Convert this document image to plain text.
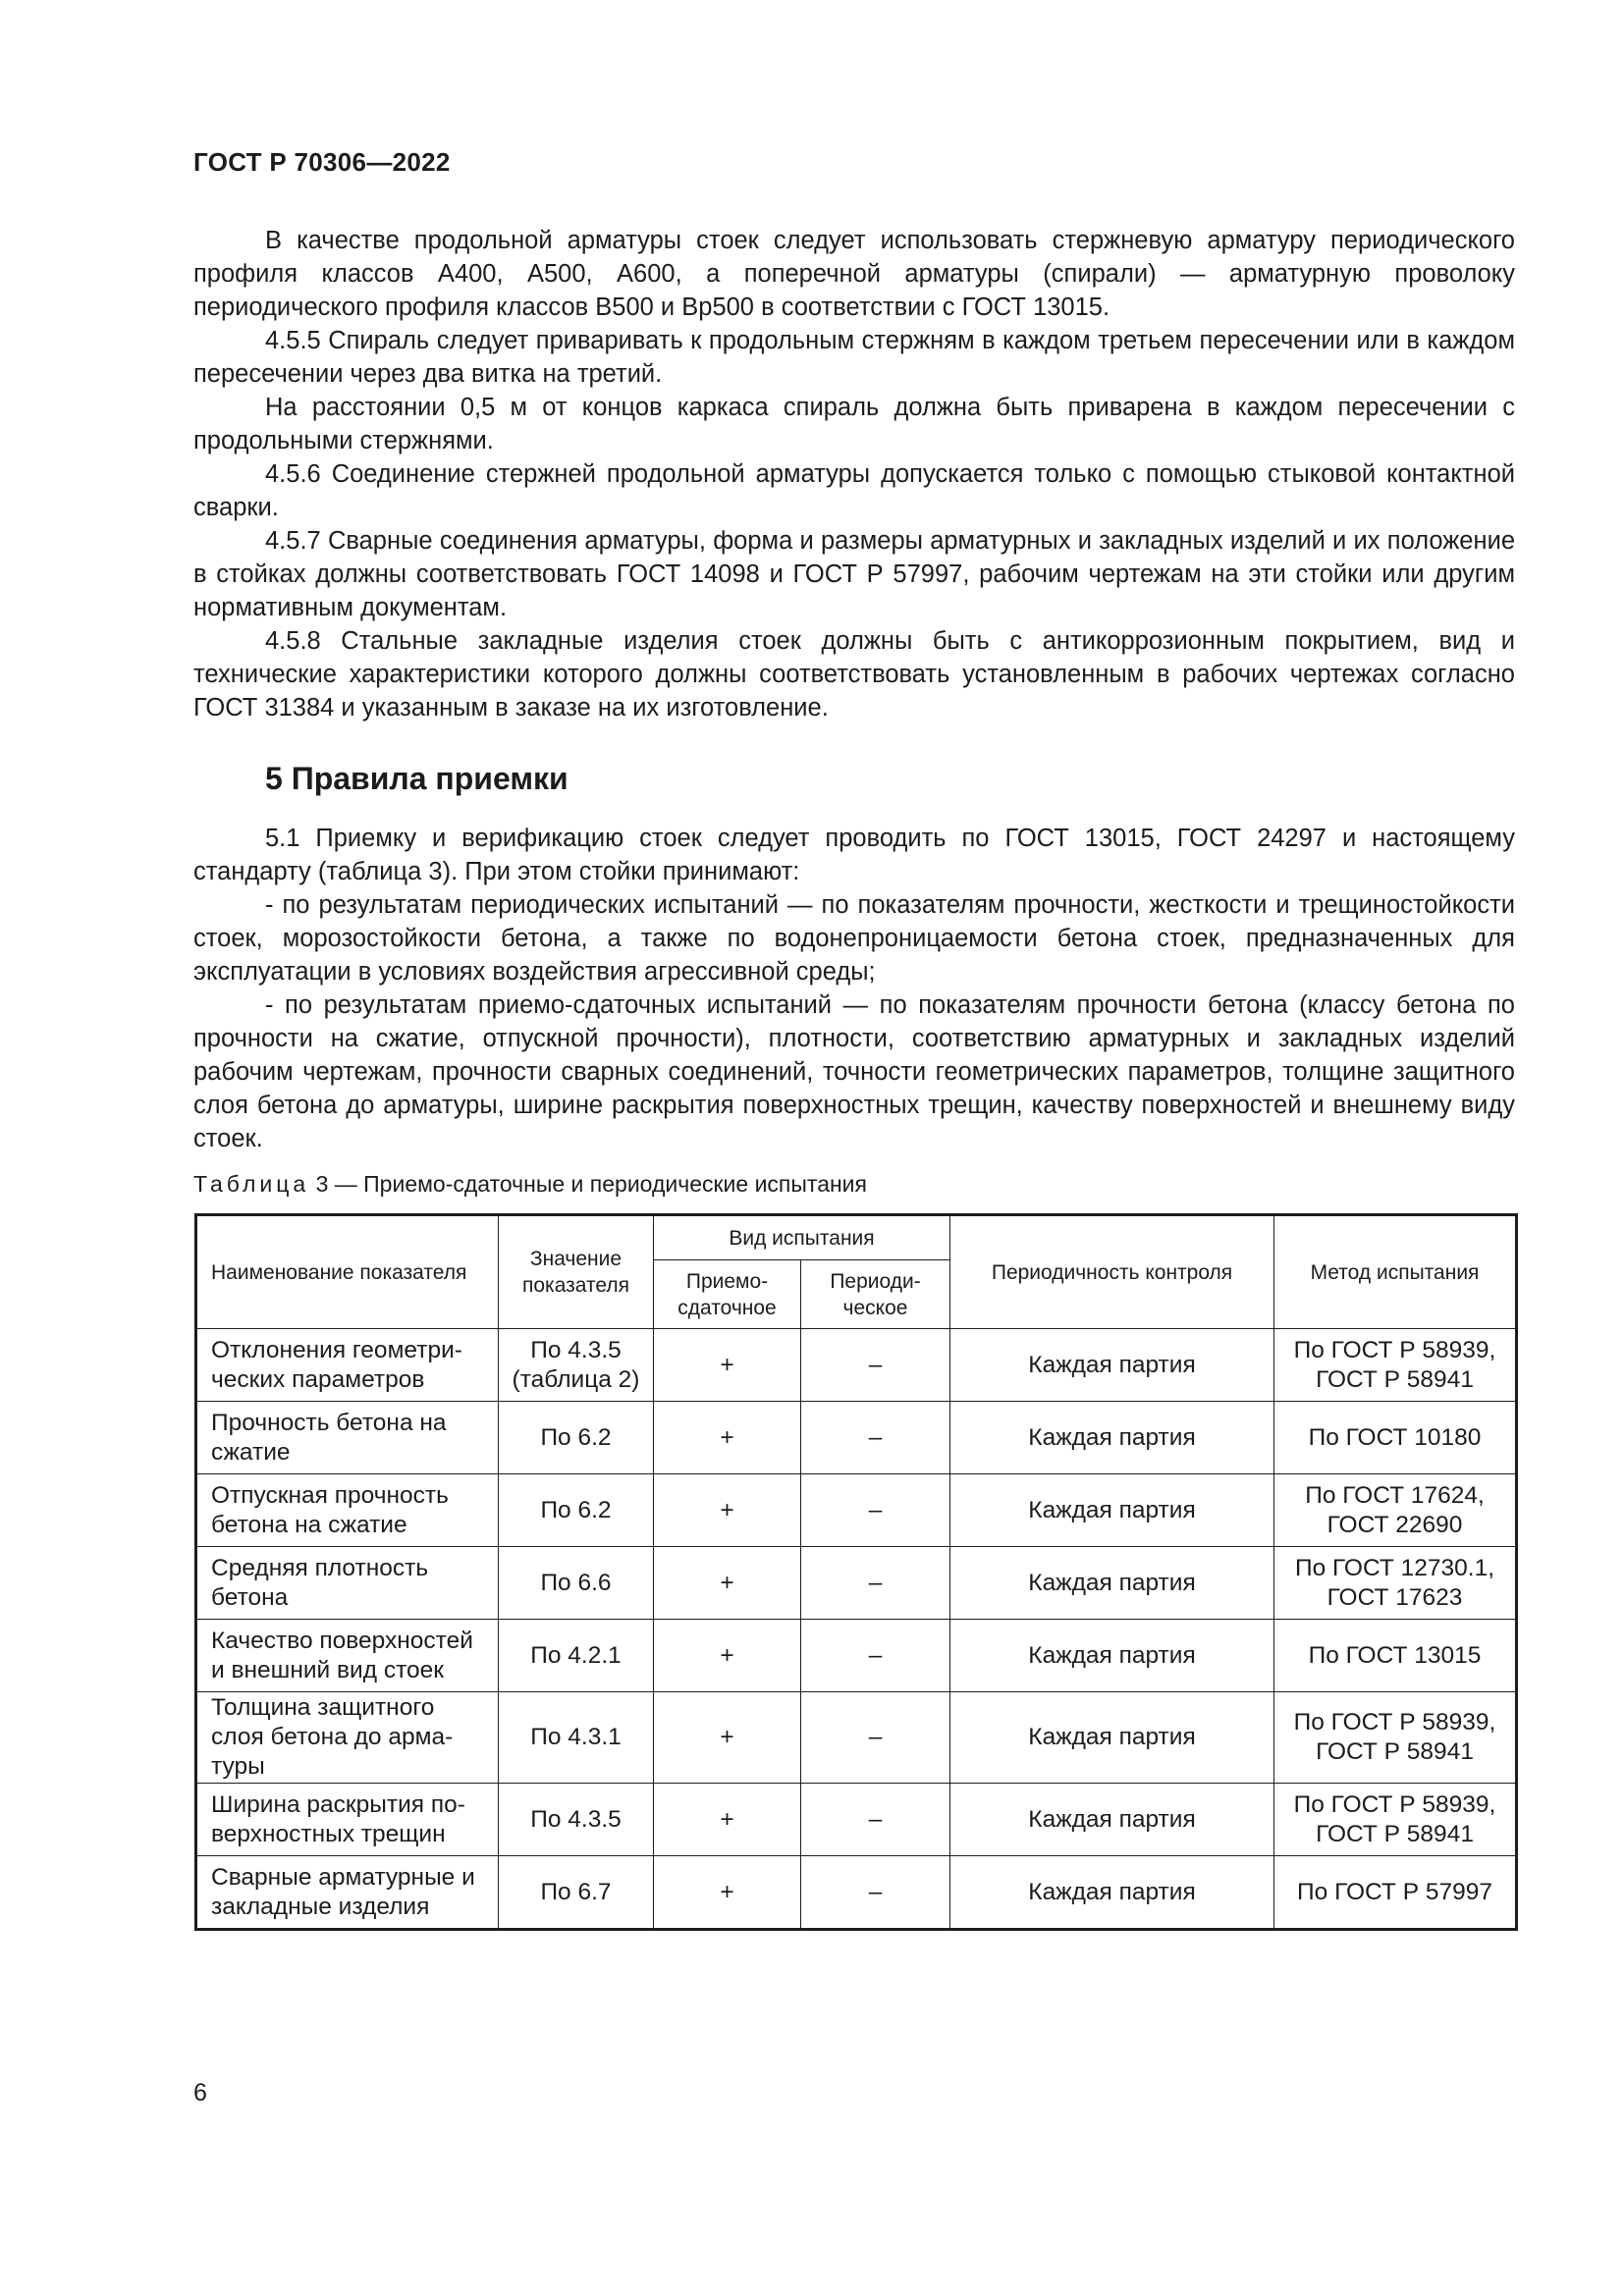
ГОСТ Р 70306—2022

В качестве продольной арматуры стоек следует использовать стержневую арматуру периодического профиля классов А400, А500, А600, а поперечной арматуры (спирали) — арматурную проволоку периодического профиля классов В500 и Вр500 в соответствии с ГОСТ 13015.

4.5.5 Спираль следует приваривать к продольным стержням в каждом третьем пересечении или в каждом пересечении через два витка на третий.

На расстоянии 0,5 м от концов каркаса спираль должна быть приварена в каждом пересечении с продольными стержнями.

4.5.6 Соединение стержней продольной арматуры допускается только с помощью стыковой контактной сварки.

4.5.7 Сварные соединения арматуры, форма и размеры арматурных и закладных изделий и их положение в стойках должны соответствовать ГОСТ 14098 и ГОСТ Р 57997, рабочим чертежам на эти стойки или другим нормативным документам.

4.5.8 Стальные закладные изделия стоек должны быть с антикоррозионным покрытием, вид и технические характеристики которого должны соответствовать установленным в рабочих чертежах согласно ГОСТ 31384 и указанным в заказе на их изготовление.

5 Правила приемки

5.1 Приемку и верификацию стоек следует проводить по ГОСТ 13015, ГОСТ 24297 и настоящему стандарту (таблица 3). При этом стойки принимают:

- по результатам периодических испытаний — по показателям прочности, жесткости и трещиностойкости стоек, морозостойкости бетона, а также по водонепроницаемости бетона стоек, предназначенных для эксплуатации в условиях воздействия агрессивной среды;

- по результатам приемо-сдаточных испытаний — по показателям прочности бетона (классу бетона по прочности на сжатие, отпускной прочности), плотности, соответствию арматурных и закладных изделий рабочим чертежам, прочности сварных соединений, точности геометрических параметров, толщине защитного слоя бетона до арматуры, ширине раскрытия поверхностных трещин, качеству поверхностей и внешнему виду стоек.

Таблица 3 — Приемо-сдаточные и периодические испытания
Наименование показателя	Значение показателя	Вид испытания		Периодичность контроля	Метод испытания
		Приемо-сдаточное	Периоди-ческое		
Отклонения геометри-ческих параметров	По 4.3.5 (таблица 2)	+	–	Каждая партия	По ГОСТ Р 58939, ГОСТ Р 58941
Прочность бетона на сжатие	По 6.2	+	–	Каждая партия	По ГОСТ 10180
Отпускная прочность бетона на сжатие	По 6.2	+	–	Каждая партия	По ГОСТ 17624, ГОСТ 22690
Средняя плотность бетона	По 6.6	+	–	Каждая партия	По ГОСТ 12730.1, ГОСТ 17623
Качество поверхностей и внешний вид стоек	По 4.2.1	+	–	Каждая партия	По ГОСТ 13015
Толщина защитного слоя бетона до арма-туры	По 4.3.1	+	–	Каждая партия	По ГОСТ Р 58939, ГОСТ Р 58941
Ширина раскрытия по-верхностных трещин	По 4.3.5	+	–	Каждая партия	По ГОСТ Р 58939, ГОСТ Р 58941
Сварные арматурные и закладные изделия	По 6.7	+	–	Каждая партия	По ГОСТ Р 57997
6
